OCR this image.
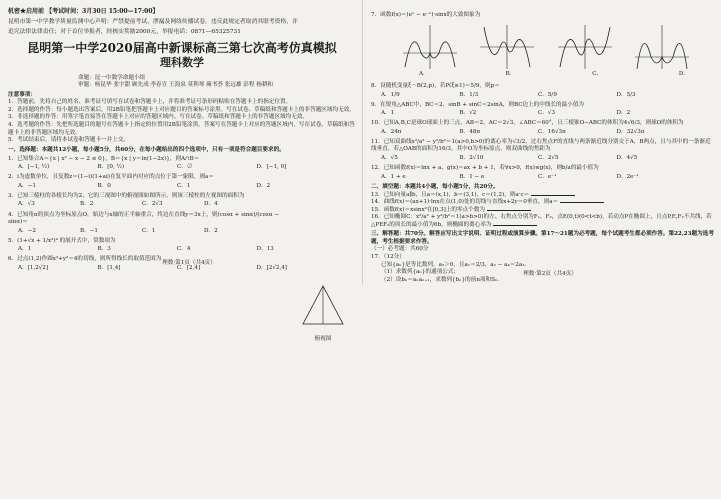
机密★启用前 【考试时间：3月30日 15:00—17:00】
昆明市第一中学教学质量监测中心声明：严禁提前考试、泄漏及网络传播试卷，违反此规定者取消其联考资格，并
追究法律法律责任；对于首位举报者，经核实奖励2000元，举报电话：0871—65325731
昆明第一中学2020届高中新课标高三第七次高考仿真模拟
理科数学
命题：昆一中数学命题小组
审题：杨昆华 张宇甜 顾先成 李春宣 王海泉 莫利琴 蔺书荟 张远雄 彭程 杨耕和
注意事项：
1．答题前，先将自己的姓名、准考证号填写在试卷和答题卡上，并将准考证号条形码粘贴在答题卡上的指定位置。
2．选择题的作答：每小题选出答案后，用2B铅笔把答题卡上对应题目的答案标号涂黑。写在试卷、草稿纸和答题卡上的非答题区域均无效。
3．非选择题的作答：用签字笔直接答在答题卡上对应的答题区域内。写在试卷、草稿纸和答题卡上的非答题区域均无效。
4．选考题的作答：先把所选题目的题号在答题卡上指定的位置用2B铅笔涂黑。答案写在答题卡上对应的答题区域内，写在试卷、草稿纸和答题卡上的非答题区域均无效。
5．考试结束后，请将本试卷和答题卡一并上交。
一、选择题：本题共12小题，每小题5分，共60分，在每小题给出的四个选项中，只有一项是符合题目要求的。
1．已知集合A＝{x | x² − x − 2 ≤ 0}，B＝{x | y＝ln(1−2x)}，则A∩B＝
A．[−1, ½)	B．[0, ½)	C．∅	D．[−1, 0]
2．i为虚数单位，且复数z＝(1−i)(1+ai)在复平面内对应的点位于第一象限，则a＝
A．−1	B．0	C．1	D．2
3．已知三棱柱的各棱长均为2，它的三视图中的俯视图如图所示，则该三棱柱的左视图的面积为
A．√3	B．2	C．2√3	D．4
4．已知角α的顶点为坐标原点O，始边与x轴的正半轴重合，终边在直线y＝3x上，则(cosα + sinα)/(cosα − sinα)＝
A．−2	B．−1	C．1	D．2
5．(1+√x + 1/x²)⁴ 的展开式中，常数项为
A．1	B．3	C．4	D．13
6．过点(1,2)作圆x²+y²＝4的切线，则所得线长的取值范围为
A．[1,2√2]	B．[1,4]	C．[2,4]	D．[2√2,4]
理数·第1页（共4页）
俯视图
7．函数f(x)＝(eˣ − e⁻ˣ)·sinx的大致图象为
A.	B.	C.	D.
8．设随机变量ξ～B(2,p)，若P(ξ≥1)＝5/9，则p＝
A．1/9	B．1/3	C．5/9	D．5/3
9．在锐角△ABC中，BC＝2，sinB + sinC＝2sinA，则BC边上的中线长的最小值为
A．1	B．√2	C．√3	D．2
10．已知A,B,C是球O球面上的三点，AB＝2，AC＝2√3，∠ABC＝60°，且三棱锥O−ABC的体积为4√6/3，则球O的体积为
A．24π	B．48π	C．16√3π	D．32√3π
11．已知双曲线x²/a² − y²/b²＝1(a>0,b>0)的离心率为√3/2，过右焦点F的直线与两条渐近线分别交于A，B两点，且与其中的一条渐近线垂直，若△OAB的面积为16/3，其中O为坐标原点，则双曲线的焦距为
A．√5	B．2√10	C．2√5	D．4√5
12．已知函数f(x)＝lnx + a，g(x)＝ax + b + 1，若∀x>0，f(x)≤g(x)，则b/a的最小值为
A．1 + e	B．1 − e	C．e⁻¹	D．2e⁻¹
二、填空题：本题共4小题，每小题5分，共20分。
13．已知向量a∥b，且a＝(x,1)，b＝(3,1)，c＝(1,2)，则a·c＝
14．曲线f(x)＝(ax+1)·lnx在点(1,0)处的切线与直线x+2y＝0垂直，则a＝
15．函数f(x)＝xsinx²在[0,3]上的零点个数为
16．已知椭圆C：x²/a² + y²/b²＝1(a>b>0)的左、右焦点分别为F₁，F₂，点E(0,t)(0<t<b)，若动点P在椭圆上，且点P,E,F₂不共线，若△PEF₂的周长的最小值为6b，则椭圆的离心率为
三、解答题：共70分。解答应写出文字说明、证明过程或演算步骤。第17～21题为必考题，每个试题考生都必须作答。第22,23题为选考题，考生根据要求作答。
（一）必考题：共60分
17．（12分）
已知{aₙ}是等比数列，a₃＞0，且a₁＝2/3，a₂ − a₄＝2a₃.
（1）求数列{aₙ}的通项公式；
（2）设bₙ＝aₙaₙ₊₁，求数列{bₙ}的前n项和Sₙ.
理数·第2页（共4页）
